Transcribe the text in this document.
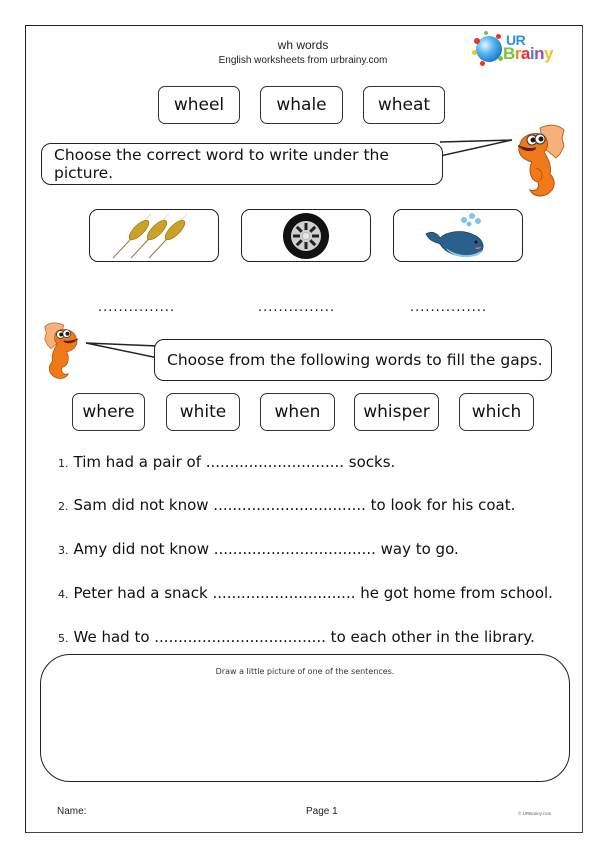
wh words
English worksheets from urbrainy.com
UR
Brainy
wheel	whale	wheat
Choose the correct word to write under the picture.
...............	...............	...............
Choose from the following words to fill the gaps.
where	white	when	whisper	which
1. Tim had a pair of ............................. socks.
2. Sam did not know ................................ to look for his coat.
3. Amy did not know .................................. way to go.
4. Peter had a snack .............................. he got home from school.
5. We had to .................................... to each other in the library.
Draw a little picture of one of the sentences.
Name:	Page 1	© URBrainy.com
